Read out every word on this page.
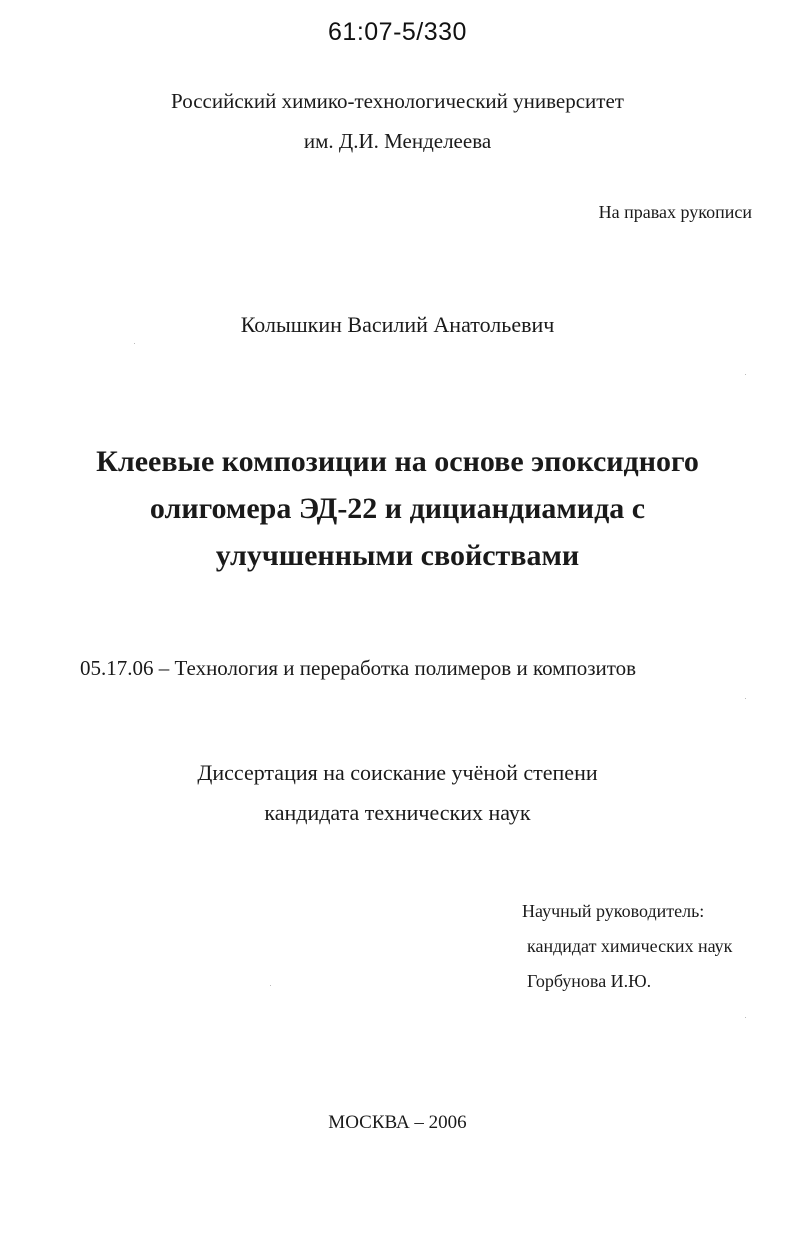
61:07-5/330

Российский химико-технологический университет

им. Д.И. Менделеева

На правах рукописи

Колышкин Василий Анатольевич

Клеевые композиции на основе эпоксидного
олигомера ЭД-22 и дициандиамида с
улучшенными свойствами

05.17.06 – Технология и переработка полимеров и композитов

Диссертация на соискание учёной степени

кандидата технических наук

Научный руководитель:

кандидат химических наук

Горбунова И.Ю.

МОСКВА – 2006
